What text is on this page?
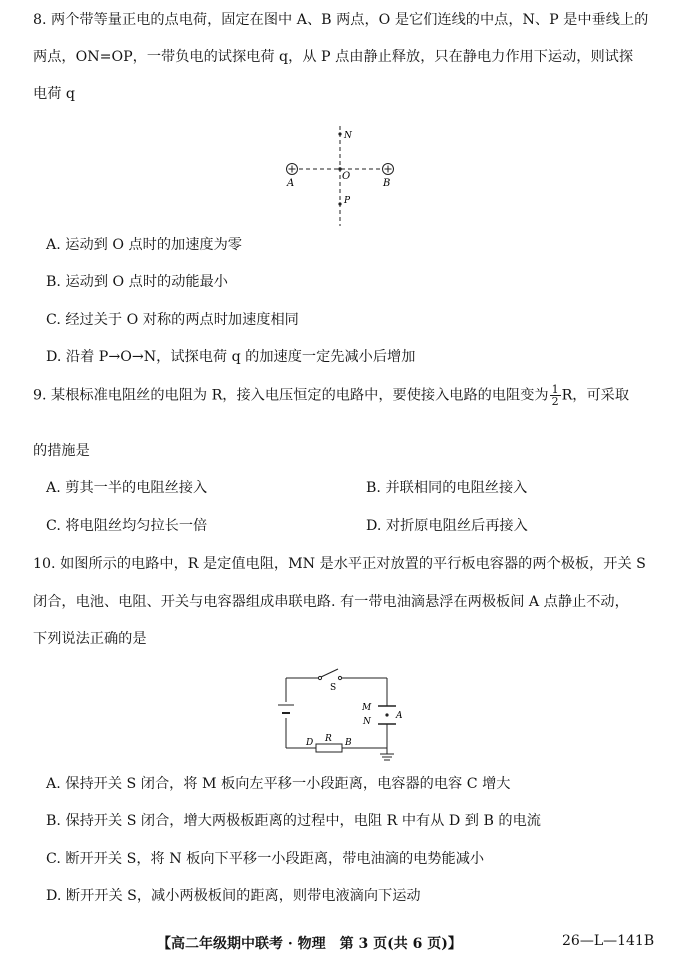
8. 两个带等量正电的点电荷，固定在图中 A、B 两点，O 是它们连线的中点，N、P 是中垂线上的
两点，ON=OP，一带负电的试探电荷 q，从 P 点由静止释放，只在静电力作用下运动，则试探
电荷 q
N
O
P
A	B
A. 运动到 O 点时的加速度为零
B. 运动到 O 点时的动能最小
C. 经过关于 O 对称的两点时加速度相同
D. 沿着 P→O→N，试探电荷 q 的加速度一定先减小后增加
9. 某根标准电阻丝的电阻为 R，接入电压恒定的电路中，要使接入电路的电阻变为 $\frac{1}{2}$ R，可采取
的措施是
A. 剪其一半的电阻丝接入	B. 并联相同的电阻丝接入
C. 将电阻丝均匀拉长一倍	D. 对折原电阻丝后再接入
10. 如图所示的电路中，R 是定值电阻，MN 是水平正对放置的平行板电容器的两个极板，开关 S
闭合，电池、电阻、开关与电容器组成串联电路. 有一带电油滴悬浮在两极板间 A 点静止不动，
下列说法正确的是
S
M
N
A
R
D	B
A. 保持开关 S 闭合，将 M 板向左平移一小段距离，电容器的电容 C 增大
B. 保持开关 S 闭合，增大两极板距离的过程中，电阻 R 中有从 D 到 B 的电流
C. 断开开关 S，将 N 板向下平移一小段距离，带电油滴的电势能减小
D. 断开开关 S，减小两极板间的距离，则带电液滴向下运动
【高二年级期中联考 · 物理　第 3 页(共 6 页)】	26—L—141B
